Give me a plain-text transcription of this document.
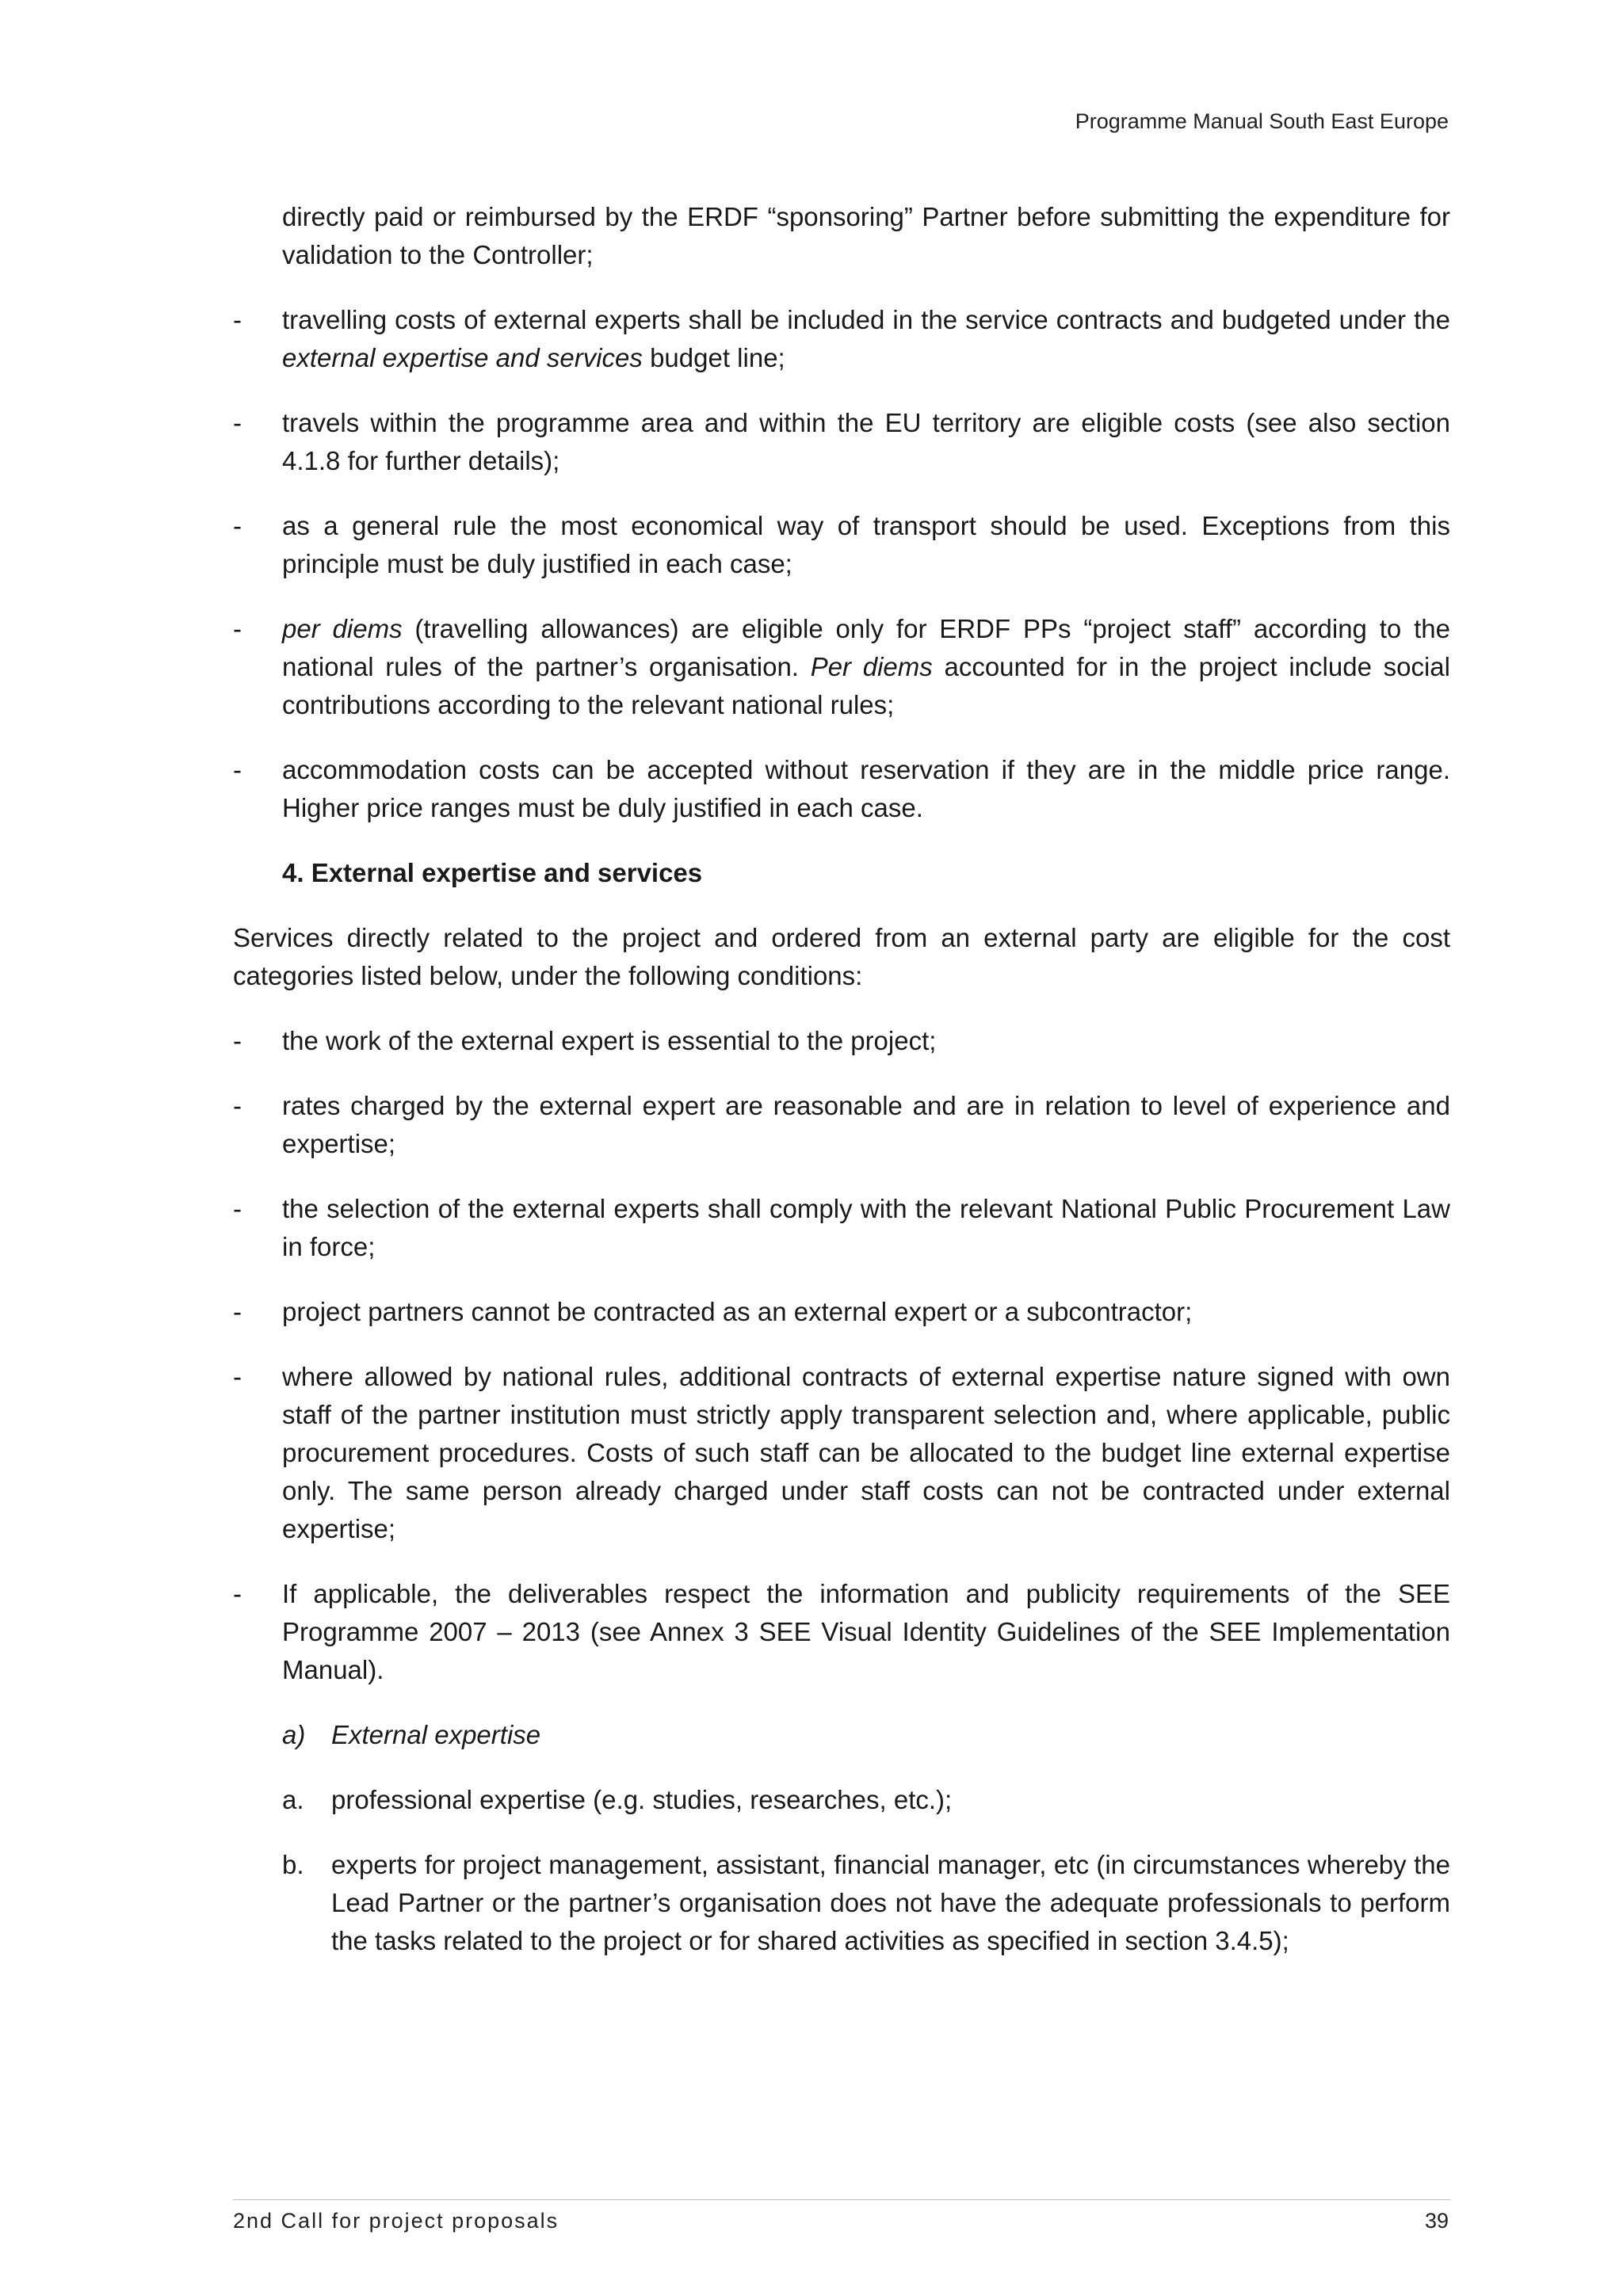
Programme Manual South East Europe

directly paid or reimbursed by the ERDF “sponsoring” Partner before submitting the expenditure for validation to the Controller;

- travelling costs of external experts shall be included in the service contracts and budgeted under the external expertise and services budget line;

- travels within the programme area and within the EU territory are eligible costs (see also section 4.1.8 for further details);

- as a general rule the most economical way of transport should be used. Exceptions from this principle must be duly justified in each case;

- per diems (travelling allowances) are eligible only for ERDF PPs “project staff” according to the national rules of the partner’s organisation. Per diems accounted for in the project include social contributions according to the relevant national rules;

- accommodation costs can be accepted without reservation if they are in the middle price range. Higher price ranges must be duly justified in each case.

4. External expertise and services

Services directly related to the project and ordered from an external party are eligible for the cost categories listed below, under the following conditions:

- the work of the external expert is essential to the project;

- rates charged by the external expert are reasonable and are in relation to level of experience and expertise;

- the selection of the external experts shall comply with the relevant National Public Procurement Law in force;

- project partners cannot be contracted as an external expert or a subcontractor;

- where allowed by national rules, additional contracts of external expertise nature signed with own staff of the partner institution must strictly apply transparent selection and, where applicable, public procurement procedures. Costs of such staff can be allocated to the budget line external expertise only. The same person already charged under staff costs can not be contracted under external expertise;

- If applicable, the deliverables respect the information and publicity requirements of the SEE Programme 2007 – 2013 (see Annex 3 SEE Visual Identity Guidelines of the SEE Implementation Manual).

a) External expertise

a. professional expertise (e.g. studies, researches, etc.);

b. experts for project management, assistant, financial manager, etc (in circumstances whereby the Lead Partner or the partner’s organisation does not have the adequate professionals to perform the tasks related to the project or for shared activities as specified in section 3.4.5);

2nd Call for project proposals	39
